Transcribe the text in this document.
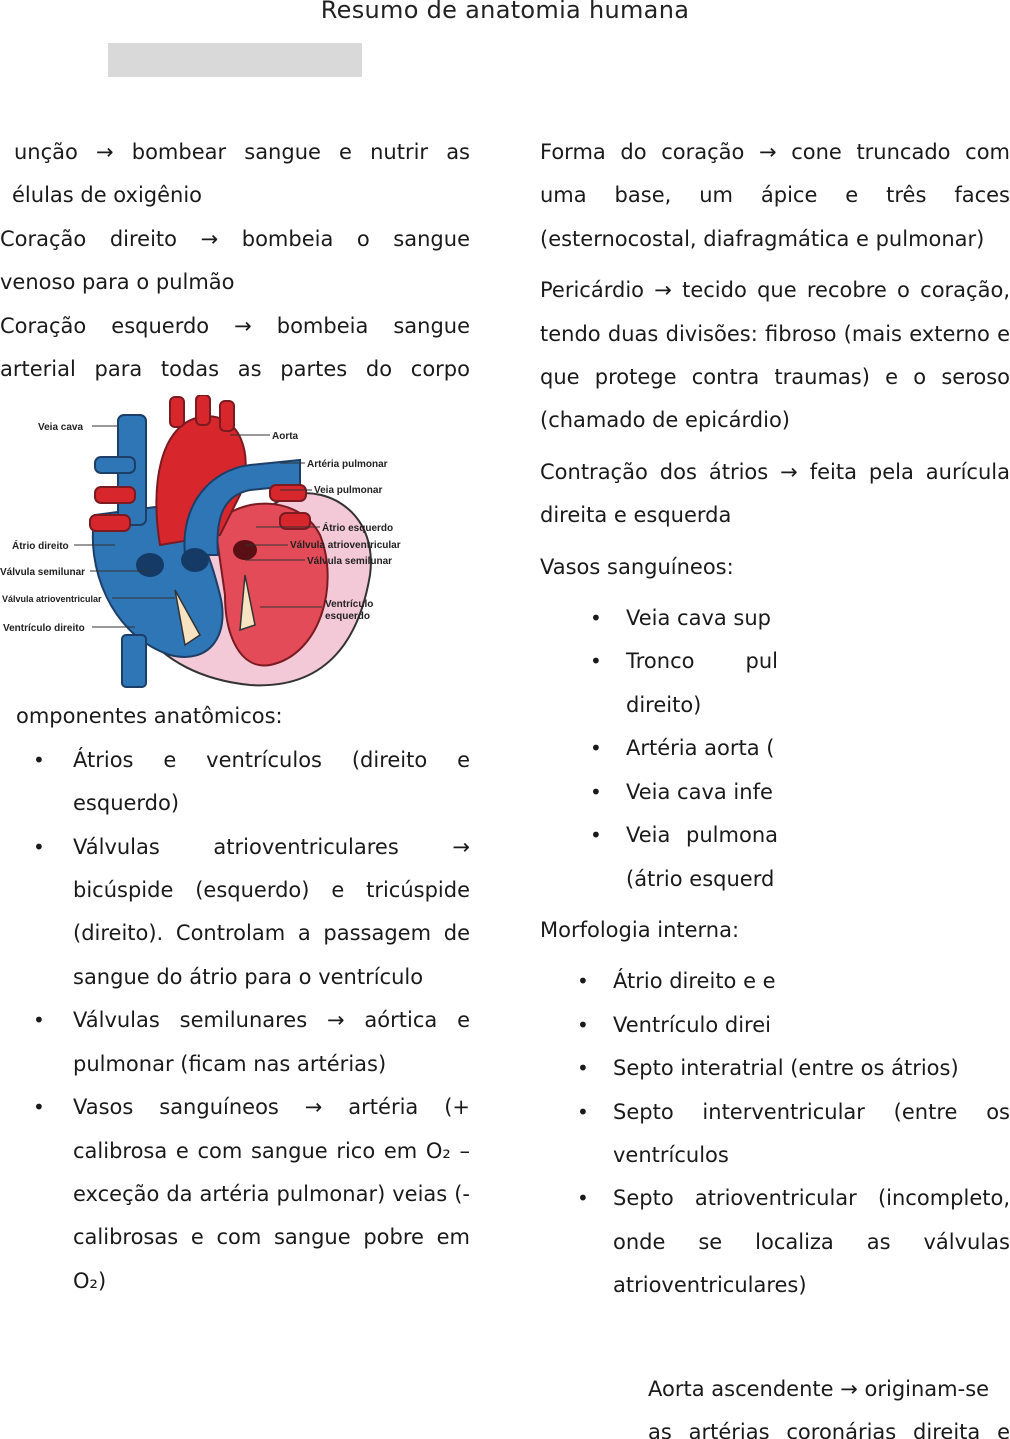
Resumo de anatomia humana
unção → bombear sangue e nutrir as
élulas de oxigênio
Coração direito → bombeia o sangue
venoso para o pulmão
Coração esquerdo → bombeia sangue
arterial para todas as partes do corpo
Veia cava
Aorta
Artéria pulmonar
Veia pulmonar
Átrio esquerdo
Válvula atrioventricular
Válvula semilunar
Átrio direito
Válvula semilunar
Válvula atrioventricular
Ventrículo direito
Ventrículo
esquerdo
omponentes anatômicos:
• Átrios e ventrículos (direito e esquerdo)
• Válvulas atrioventriculares → bicúspide (esquerdo) e tricúspide (direito). Controlam a passagem de sangue do átrio para o ventrículo
• Válvulas semilunares → aórtica e pulmonar (ficam nas artérias)
• Vasos sanguíneos → artéria (+ calibrosa e com sangue rico em O₂ – exceção da artéria pulmonar) veias (- calibrosas e com sangue pobre em O₂)
Forma do coração → cone truncado com uma base, um ápice e três faces (esternocostal, diafragmática e pulmonar)
Pericárdio → tecido que recobre o coração, tendo duas divisões: fibroso (mais externo e que protege contra traumas) e o seroso (chamado de epicárdio)
Contração dos átrios → feita pela aurícula direita e esquerda
Vasos sanguíneos:
• Veia cava sup
• Tronco pul direito)
• Artéria aorta (
• Veia cava infe
• Veia pulmona (átrio esquerd
Morfologia interna:
• Átrio direito e e
• Ventrículo direi
• Septo interatrial (entre os átrios)
• Septo interventricular (entre os ventrículos
• Septo atrioventricular (incompleto, onde se localiza as válvulas atrioventriculares)
Aorta ascendente → originam-se
as artérias coronárias direita e
